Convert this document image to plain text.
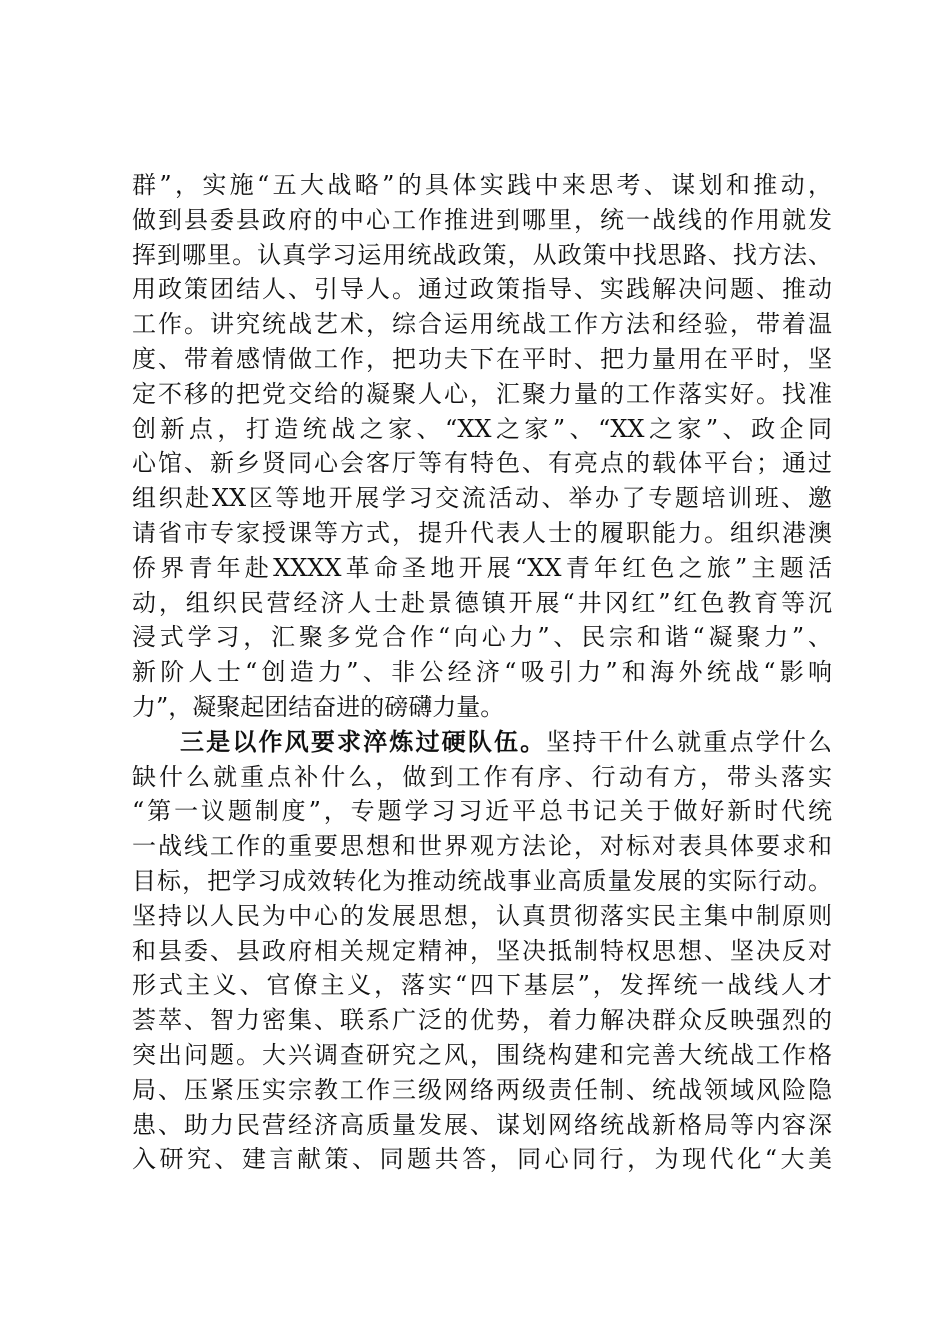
群”，实施“五大战略”的具体实践中来思考、谋划和推动，
做到县委县政府的中心工作推进到哪里，统一战线的作用就发
挥到哪里。认真学习运用统战政策，从政策中找思路、找方法、
用政策团结人、引导人。通过政策指导、实践解决问题、推动
工作。讲究统战艺术，综合运用统战工作方法和经验，带着温
度、带着感情做工作，把功夫下在平时、把力量用在平时，坚
定不移的把党交给的凝聚人心，汇聚力量的工作落实好。找准
创新点，打造统战之家、“XX之家”、“XX之家”、政企同
心馆、新乡贤同心会客厅等有特色、有亮点的载体平台；通过
组织赴XX区等地开展学习交流活动、举办了专题培训班、邀
请省市专家授课等方式，提升代表人士的履职能力。组织港澳
侨界青年赴XXXX革命圣地开展“XX青年红色之旅”主题活
动，组织民营经济人士赴景德镇开展“井冈红”红色教育等沉
浸式学习，汇聚多党合作“向心力”、民宗和谐“凝聚力”、
新阶人士“创造力”、非公经济“吸引力”和海外统战“影响
力”，凝聚起团结奋进的磅礴力量。
三是以作风要求淬炼过硬队伍。坚持干什么就重点学什么
缺什么就重点补什么，做到工作有序、行动有方，带头落实
“第一议题制度”，专题学习习近平总书记关于做好新时代统
一战线工作的重要思想和世界观方法论，对标对表具体要求和
目标，把学习成效转化为推动统战事业高质量发展的实际行动。
坚持以人民为中心的发展思想，认真贯彻落实民主集中制原则
和县委、县政府相关规定精神，坚决抵制特权思想、坚决反对
形式主义、官僚主义，落实“四下基层”，发挥统一战线人才
荟萃、智力密集、联系广泛的优势，着力解决群众反映强烈的
突出问题。大兴调查研究之风，围绕构建和完善大统战工作格
局、压紧压实宗教工作三级网络两级责任制、统战领域风险隐
患、助力民营经济高质量发展、谋划网络统战新格局等内容深
入研究、建言献策、同题共答，同心同行，为现代化“大美
